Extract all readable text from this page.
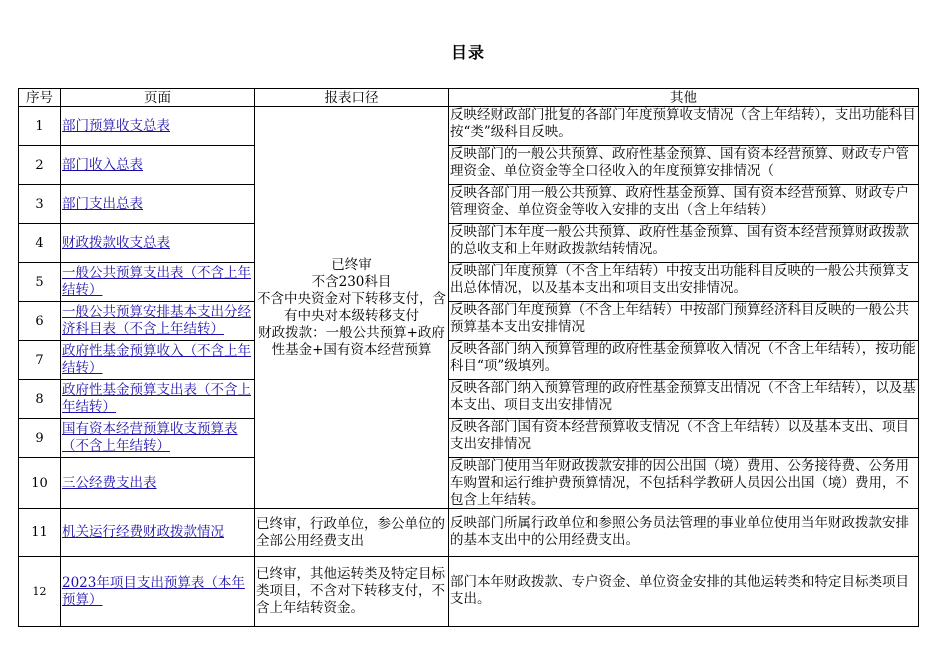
目录
序号	页面	报表口径	其他
1	部门预算收支总表	已终审
不含230科目
不含中央资金对下转移支付，含有中央对本级转移支付
财政拨款：一般公共预算+政府性基金+国有资本经营预算	反映经财政部门批复的各部门年度预算收支情况（含上年结转），支出功能科目按“类”级科目反映。

2	部门收入总表		反映部门的一般公共预算、政府性基金预算、国有资本经营预算、财政专户管理资金、单位资金等全口径收入的年度预算安排情况（

3	部门支出总表		反映各部门用一般公共预算、政府性基金预算、国有资本经营预算、财政专户管理资金、单位资金等收入安排的支出（含上年结转）

4	财政拨款收支总表		反映部门本年度一般公共预算、政府性基金预算、国有资本经营预算财政拨款的总收支和上年财政拨款结转情况。

5	一般公共预算支出表（不含上年结转）		反映部门年度预算（不含上年结转）中按支出功能科目反映的一般公共预算支出总体情况，以及基本支出和项目支出安排情况。

6	一般公共预算安排基本支出分经济科目表（不含上年结转）		反映各部门年度预算（不含上年结转）中按部门预算经济科目反映的一般公共预算基本支出安排情况

7	政府性基金预算收入（不含上年结转）		反映各部门纳入预算管理的政府性基金预算收入情况（不含上年结转），按功能科目“项”级填列。

8	政府性基金预算支出表（不含上年结转）		反映各部门纳入预算管理的政府性基金预算支出情况（不含上年结转），以及基本支出、项目支出安排情况

9	国有资本经营预算收支预算表（不含上年结转）		反映各部门国有资本经营预算收支情况（不含上年结转）以及基本支出、项目支出安排情况

10	三公经费支出表		反映部门使用当年财政拨款安排的因公出国（境）费用、公务接待费、公务用车购置和运行维护费预算情况，不包括科学教研人员因公出国（境）费用，不包含上年结转。

11	机关运行经费财政拨款情况	已终审，行政单位，参公单位的全部公用经费支出	反映部门所属行政单位和参照公务员法管理的事业单位使用当年财政拨款安排的基本支出中的公用经费支出。

12	2023年项目支出预算表（本年预算）	已终审，其他运转类及特定目标类项目，不含对下转移支付，不含上年结转资金。	部门本年财政拨款、专户资金、单位资金安排的其他运转类和特定目标类项目支出。
